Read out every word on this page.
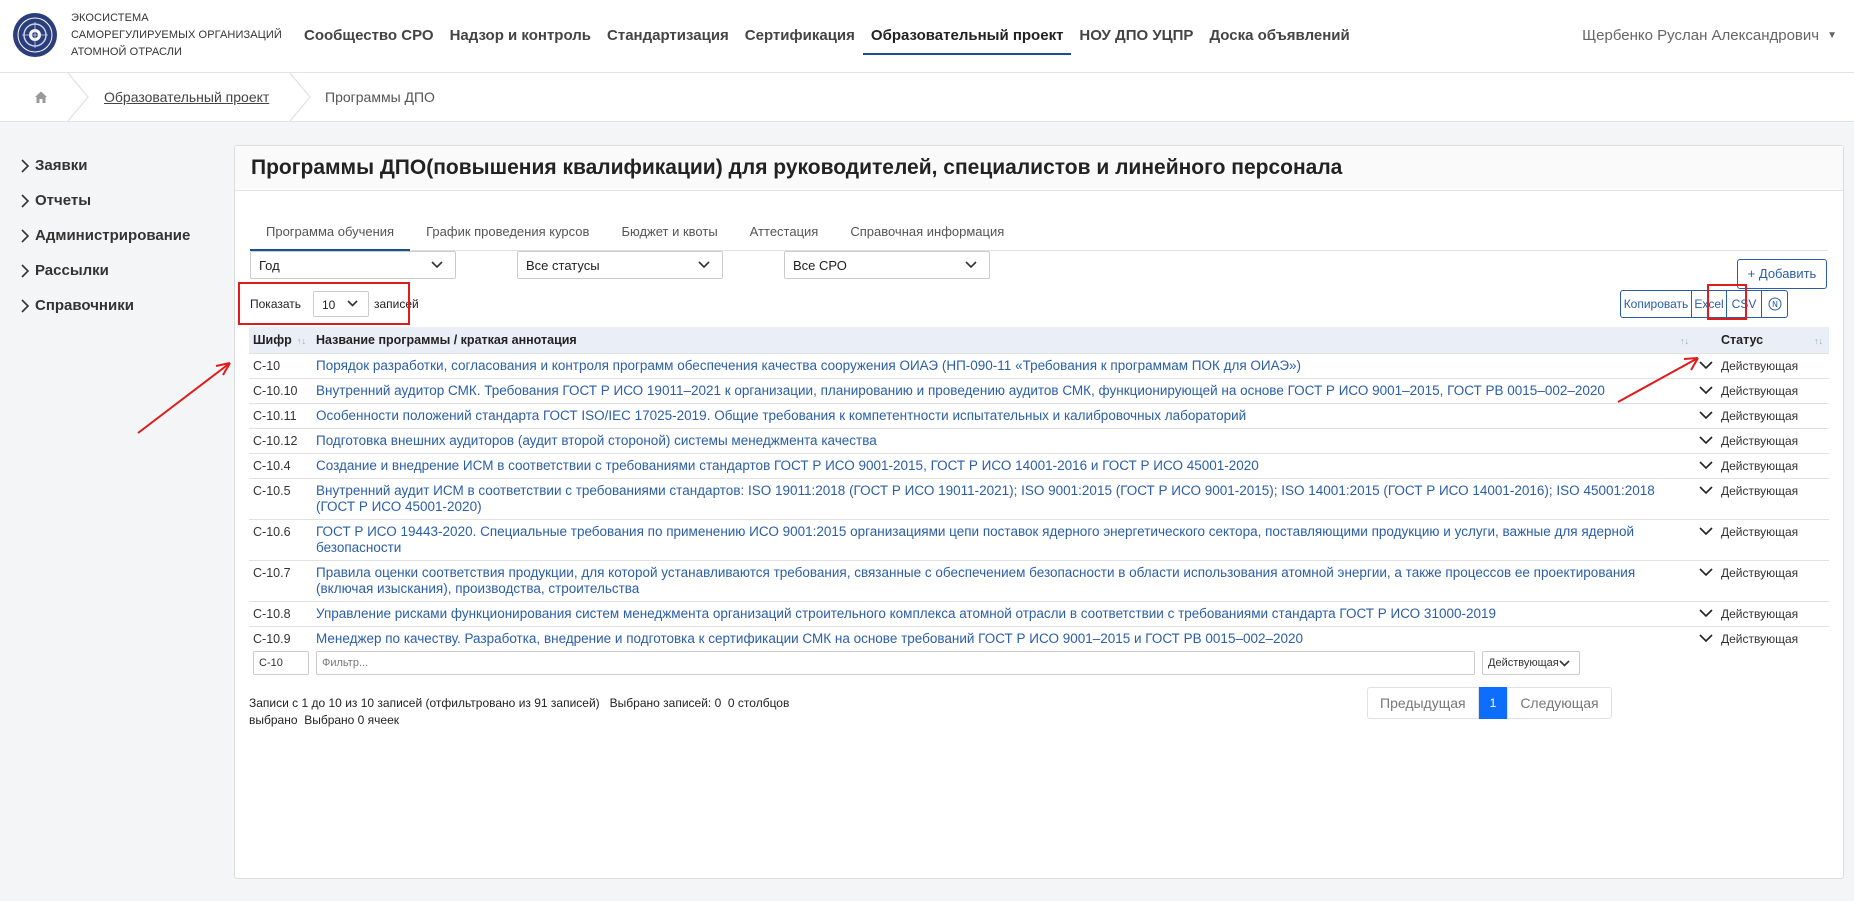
ЭКОСИСТЕМА
САМОРЕГУЛИРУЕМЫХ ОРГАНИЗАЦИЙ
АТОМНОЙ ОТРАСЛИ
Сообщество СРО	Надзор и контроль	Стандартизация	Сертификация	Образовательный проект	НОУ ДПО УЦПР	Доска объявлений	Щербенко Руслан Александрович ▼
Образовательный проект	Программы ДПО
Заявки
Отчеты
Администрирование
Рассылки
Справочники
Программы ДПО(повышения квалификации) для руководителей, специалистов и линейного персонала
Программа обучения	График проведения курсов	Бюджет и квоты	Аттестация	Справочная информация
+ Добавить
Год	Все статусы	Все СРО
Показать	10	записей	Копировать Excel CSV	N
Шифр ↑↓	Название программы / краткая аннотация ↑↓		Статус ↑↓

С-10	Порядок разработки, согласования и контроля программ обеспечения качества сооружения ОИАЭ (НП-090-11 «Требования к программам ПОК для ОИАЭ»)		Действующая
С-10.10	Внутренний аудитор СМК. Требования ГОСТ Р ИСО 19011–2021 к организации, планированию и проведению аудитов СМК, функционирующей на основе ГОСТ Р ИСО 9001–2015, ГОСТ РВ 0015–002–2020		Действующая
С-10.11	Особенности положений стандарта ГОСТ ISO/IEC 17025-2019. Общие требования к компетентности испытательных и калибровочных лабораторий		Действующая
С-10.12	Подготовка внешних аудиторов (аудит второй стороной) системы менеджмента качества		Действующая
С-10.4	Создание и внедрение ИСМ в соответствии с требованиями стандартов ГОСТ Р ИСО 9001-2015, ГОСТ Р ИСО 14001-2016 и ГОСТ Р ИСО 45001-2020		Действующая
С-10.5	Внутренний аудит ИСМ в соответствии с требованиями стандартов: ISO 19011:2018 (ГОСТ Р ИСО 19011-2021); ISO 9001:2015 (ГОСТ Р ИСО 9001-2015); ISO 14001:2015 (ГОСТ Р ИСО 14001-2016); ISO 45001:2018 (ГОСТ Р ИСО 45001-2020)		Действующая
С-10.6	ГОСТ Р ИСО 19443-2020. Специальные требования по применению ИСО 9001:2015 организациями цепи поставок ядерного энергетического сектора, поставляющими продукцию и услуги, важные для ядерной безопасности		Действующая
С-10.7	Правила оценки соответствия продукции, для которой устанавливаются требования, связанные с обеспечением безопасности в области использования атомной энергии, а также процессов ее проектирования (включая изыскания), производства, строительства		Действующая
С-10.8	Управление рисками функционирования систем менеджмента организаций строительного комплекса атомной отрасли в соответствии с требованиями стандарта ГОСТ Р ИСО 31000-2019		Действующая
С-10.9	Менеджер по качеству. Разработка, внедрение и подготовка к сертификации СМК на основе требований ГОСТ Р ИСО 9001–2015 и ГОСТ РВ 0015–002–2020		Действующая
С-10	Фильтр...	Действующая
Записи с 1 до 10 из 10 записей (отфильтровано из 91 записей)   Выбрано записей: 0  0 столбцов
выбрано  Выбрано 0 ячеек
Предыдущая	1	Следующая
